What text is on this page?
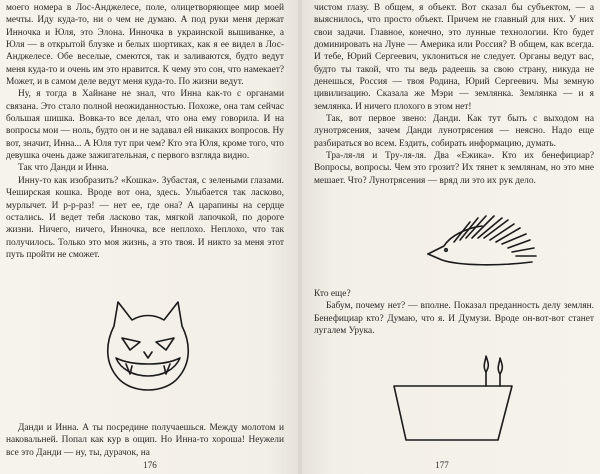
моего номера в Лос-Анджелесе, поле, олицетворяющее мир моей мечты. Иду куда-то, ни о чем не думаю. А под руки меня держат Инночка и Юля, это Элона. Инночка в украинской вышиванке, а Юля — в открытой блузке и белых шортиках, как я ее видел в Лос-Анджелесе. Обе веселые, смеются, так и заливаются, будто ведут меня куда-то и очень им это нравится. К чему это сон, что намекает? Может, и в самом деле ведут меня куда-то. По жизни ведут.

Ну, я тогда в Хайнане не знал, что Инна как-то с органами связана. Это стало полной неожиданностью. Похоже, она там сейчас большая шишка. Вовка-то все делал, что она ему говорила. И на вопросы мои — ноль, будто он и не задавал ей никаких вопросов. Ну вот, значит, Инна... А Юля тут при чем? Кто эта Юля, кроме того, что девушка очень даже зажигательная, с первого взгляда видно.

Так что Данди и Инна.

Инну-то как изобразить? «Кошка». Зубастая, с зелеными глазами. Чеширская кошка. Вроде вот она, здесь. Улыбается так ласково, мурлычет. И р-р-раз! — нет ее, где она? А царапины на сердце остались. И ведет тебя ласково так, мягкой лапочкой, по дороге жизни. Ничего, ничего, Инночка, все неплохо. Неплохо, что так получилось. Только это моя жизнь, а это твоя. И никто за меня этот путь пройти не сможет.

Данди и Инна. А ты посредине получаешься. Между молотом и наковальней. Попал как кур в ощип. Но Инна-то хороша! Неужели все это Данди — ну, ты, дурачок, на

176

чистом глазу. В общем, я объект. Вот сказал бы субъектом, — а выяснилось, что просто объект. Причем не главный для них. У них свои задачи. Главное, конечно, это лунные технологии. Кто будет доминировать на Луне — Америка или Россия? В общем, как всегда. И тебе, Юрий Сергеевич, уклониться не следует. Органы ведут вас, будто ты такой, что ты ведь радеешь за свою страну, никуда не денешься, Россия — твоя Родина, Юрий Сергеевич. Мы земную цивилизацию. Сказала же Мэри — землянка. Землянка — и я землянка. И ничего плохого в этом нет!

Так, вот первое звено: Данди. Как тут быть с выходом на лунотрясения, зачем Данди лунотрясения — неясно. Надо еще разбираться во всем. Ездить, собирать информацию, думать.

Тра-ля-ля и Тру-ля-ля. Два «Ежика». Кто их бенефициар? Вопросы, вопросы. Чем это грозит? Их тянет к землянам, но это мне мешает. Что? Лунотрясения — вряд ли это их рук дело.

Кто еще?

Бабум, почему нет? — вполне. Показал преданность делу землян. Бенефициар кто? Думаю, что я. И Думузи. Вроде он-вот-вот станет лугалем Урука.

177
